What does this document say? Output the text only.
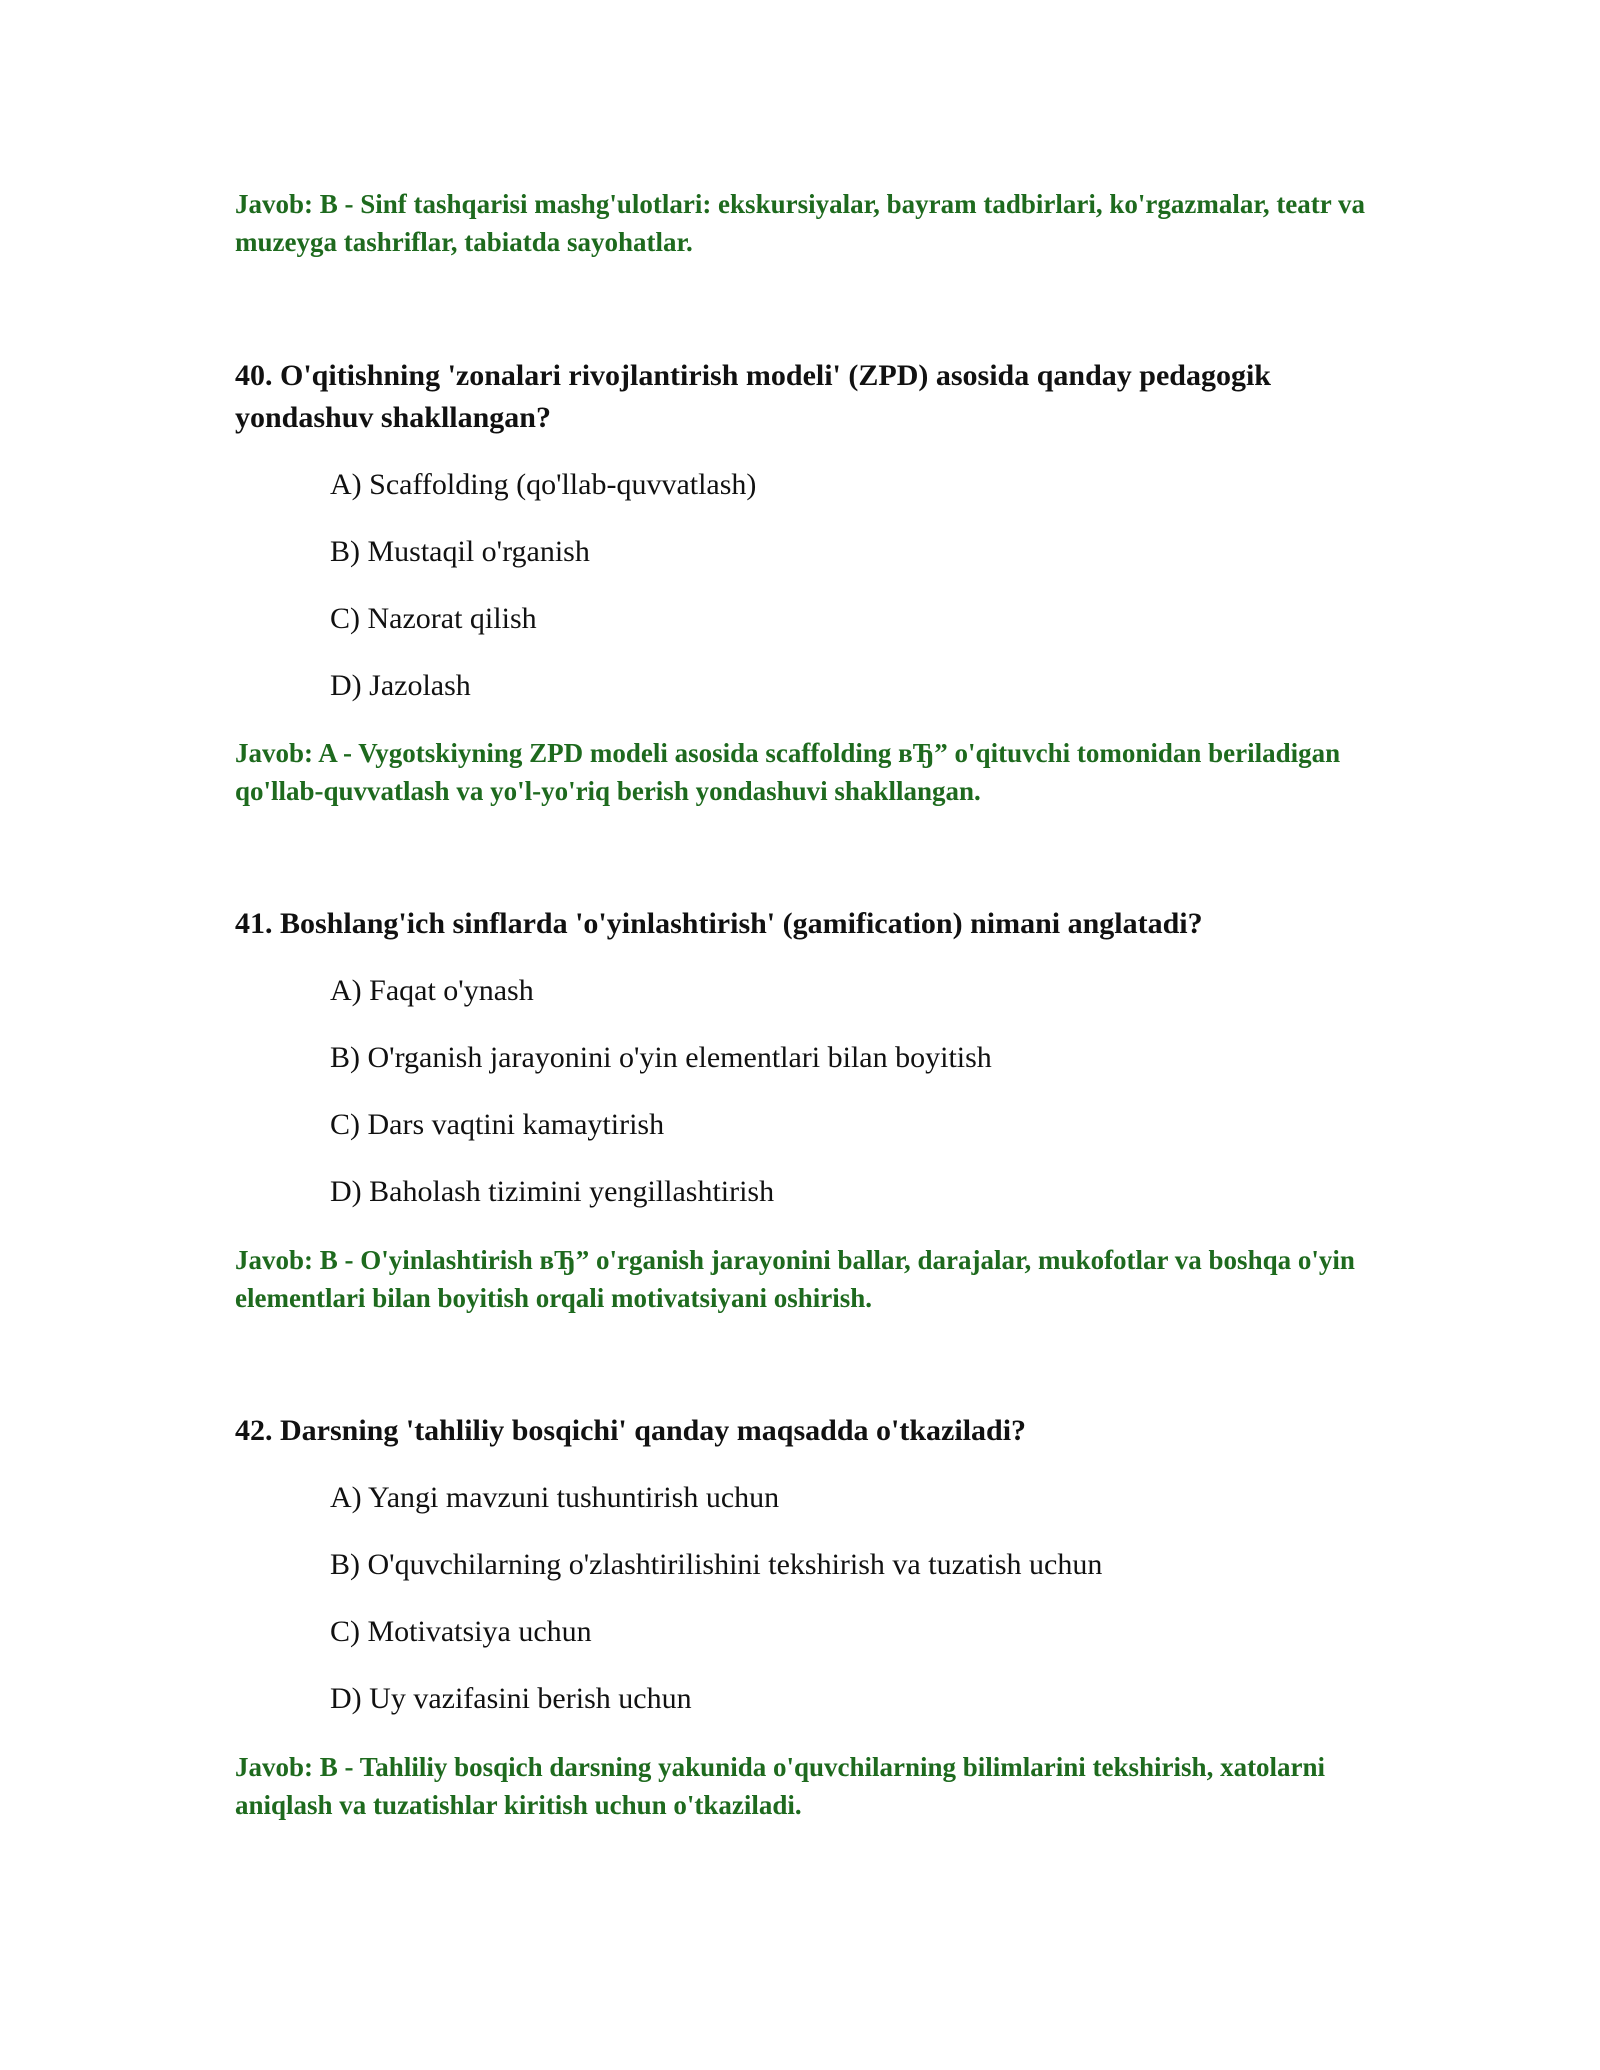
Javob: B - Sinf tashqarisi mashg'ulotlari: ekskursiyalar, bayram tadbirlari, ko'rgazmalar, teatr va muzeyga tashriflar, tabiatda sayohatlar.
40. O'qitishning 'zonalari rivojlantirish modeli' (ZPD) asosida qanday pedagogik yondashuv shakllangan?
A) Scaffolding (qo'llab-quvvatlash)
B) Mustaqil o'rganish
C) Nazorat qilish
D) Jazolash
Javob: A - Vygotskiyning ZPD modeli asosida scaffolding вЂ” o'qituvchi tomonidan beriladigan qo'llab-quvvatlash va yo'l-yo'riq berish yondashuvi shakllangan.
41. Boshlang'ich sinflarda 'o'yinlashtirish' (gamification) nimani anglatadi?
A) Faqat o'ynash
B) O'rganish jarayonini o'yin elementlari bilan boyitish
C) Dars vaqtini kamaytirish
D) Baholash tizimini yengillashtirish
Javob: B - O'yinlashtirish вЂ” o'rganish jarayonini ballar, darajalar, mukofotlar va boshqa o'yin elementlari bilan boyitish orqali motivatsiyani oshirish.
42. Darsning 'tahliliy bosqichi' qanday maqsadda o'tkaziladi?
A) Yangi mavzuni tushuntirish uchun
B) O'quvchilarning o'zlashtirilishini tekshirish va tuzatish uchun
C) Motivatsiya uchun
D) Uy vazifasini berish uchun
Javob: B - Tahliliy bosqich darsning yakunida o'quvchilarning bilimlarini tekshirish, xatolarni aniqlash va tuzatishlar kiritish uchun o'tkaziladi.
